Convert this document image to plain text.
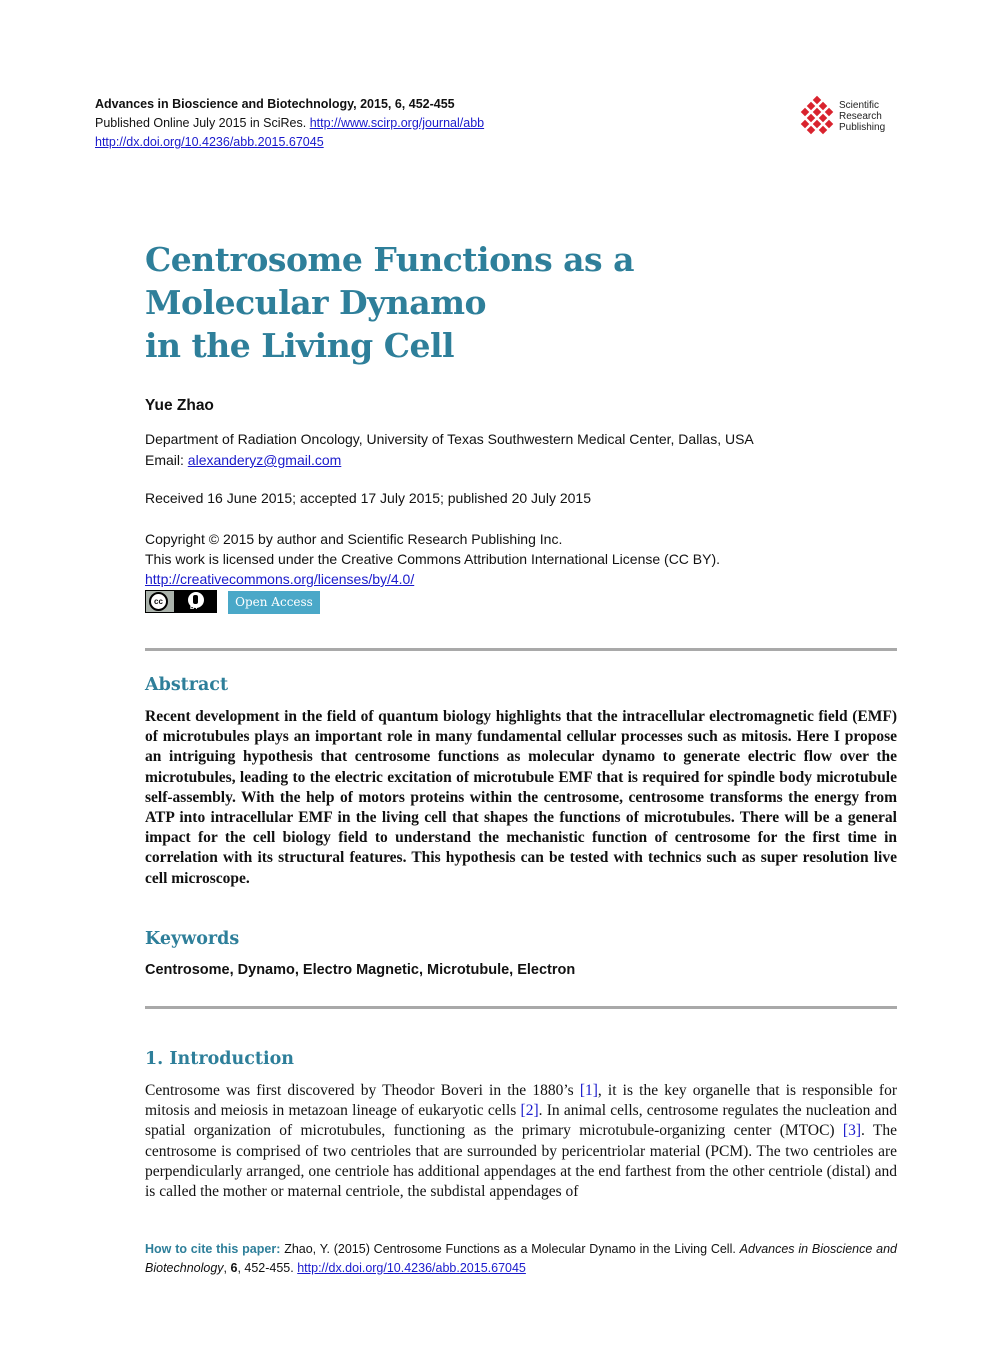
Advances in Bioscience and Biotechnology, 2015, 6, 452-455
Published Online July 2015 in SciRes. http://www.scirp.org/journal/abb
http://dx.doi.org/10.4236/abb.2015.67045
Scientific
Research
Publishing
Centrosome Functions as a
Molecular Dynamo
in the Living Cell
Yue Zhao
Department of Radiation Oncology, University of Texas Southwestern Medical Center, Dallas, USA
Email: alexanderyz@gmail.com
Received 16 June 2015; accepted 17 July 2015; published 20 July 2015
Copyright © 2015 by author and Scientific Research Publishing Inc.
This work is licensed under the Creative Commons Attribution International License (CC BY).
http://creativecommons.org/licenses/by/4.0/
cc
BY	Open Access
Abstract
Recent development in the field of quantum biology highlights that the intracellular electromagnetic field (EMF) of microtubules plays an important role in many fundamental cellular processes such as mitosis. Here I propose an intriguing hypothesis that centrosome functions as molecular dynamo to generate electric flow over the microtubules, leading to the electric excitation of microtubule EMF that is required for spindle body microtubule self-assembly. With the help of motors proteins within the centrosome, centrosome transforms the energy from ATP into intracellular EMF in the living cell that shapes the functions of microtubules. There will be a general impact for the cell biology field to understand the mechanistic function of centrosome for the first time in correlation with its structural features. This hypothesis can be tested with technics such as super resolution live cell microscope.
Keywords
Centrosome, Dynamo, Electro Magnetic, Microtubule, Electron
1. Introduction
Centrosome was first discovered by Theodor Boveri in the 1880’s [1], it is the key organelle that is responsible for mitosis and meiosis in metazoan lineage of eukaryotic cells [2]. In animal cells, centrosome regulates the nucleation and spatial organization of microtubules, functioning as the primary microtubule-organizing center (MTOC) [3]. The centrosome is comprised of two centrioles that are surrounded by pericentriolar material (PCM). The two centrioles are perpendicularly arranged, one centriole has additional appendages at the end farthest from the other centriole (distal) and is called the mother or maternal centriole, the subdistal appendages of
How to cite this paper: Zhao, Y. (2015) Centrosome Functions as a Molecular Dynamo in the Living Cell. Advances in Bioscience and Biotechnology, 6, 452-455. http://dx.doi.org/10.4236/abb.2015.67045
